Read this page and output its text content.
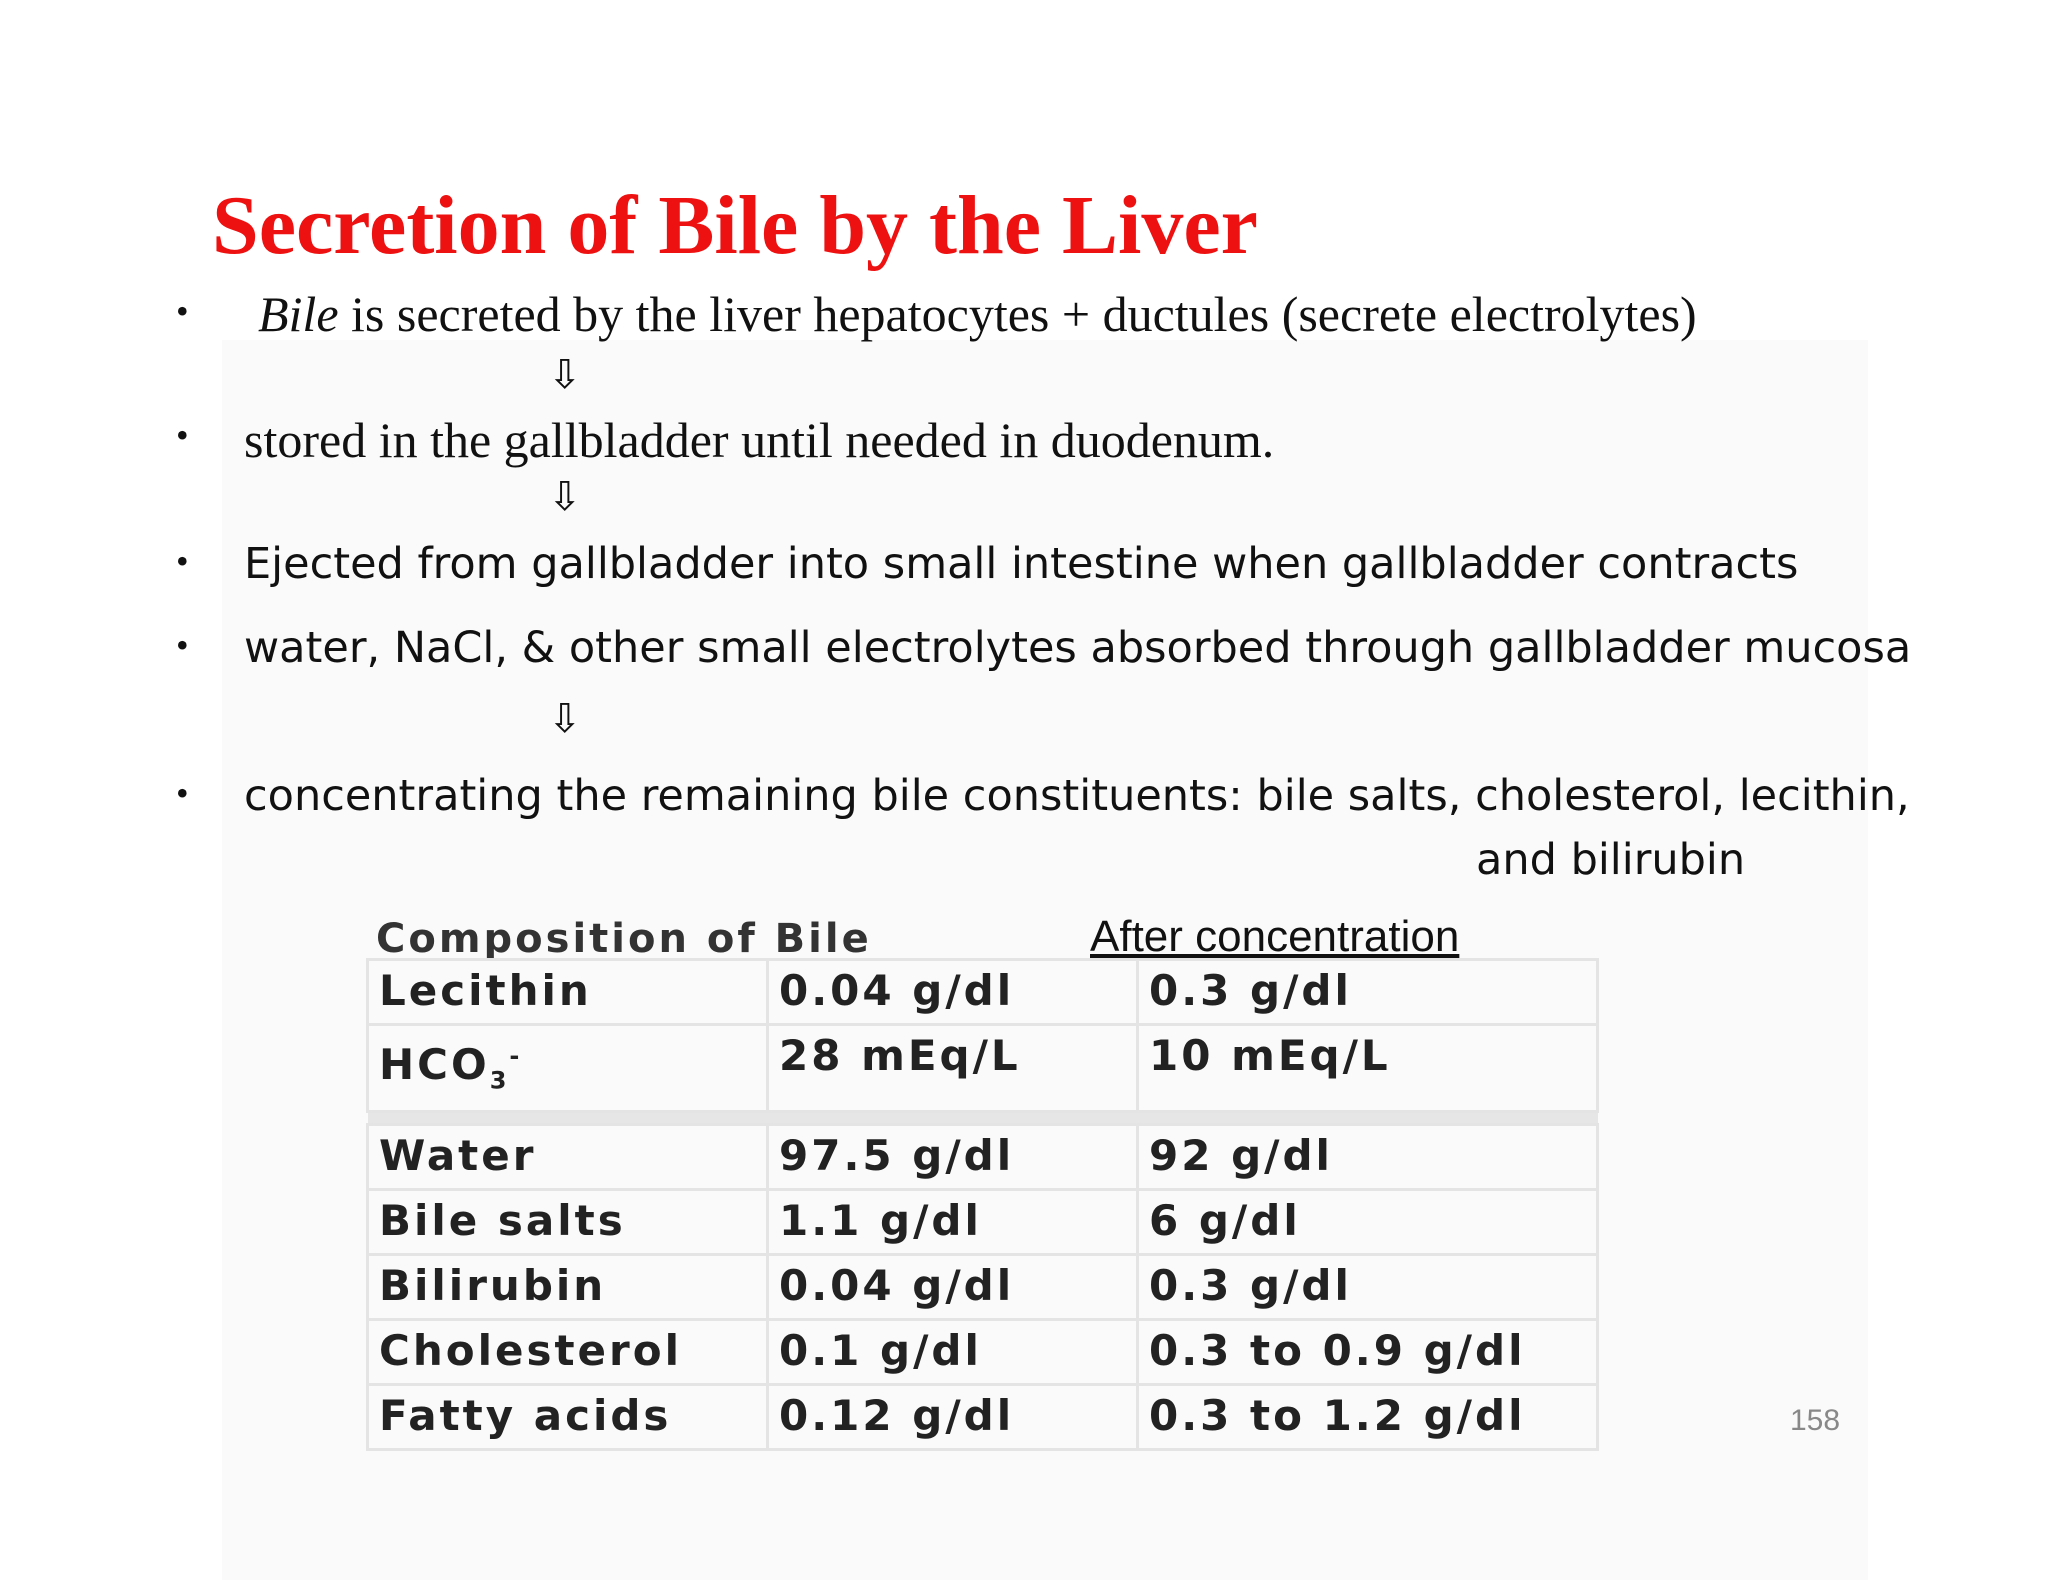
Secretion of Bile by the Liver
• Bile is secreted by the liver hepatocytes + ductules (secrete electrolytes)
⇩
• stored in the gallbladder until needed in duodenum.
⇩
• Ejected from gallbladder into small intestine when gallbladder contracts
• water, NaCl, & other small electrolytes absorbed through gallbladder mucosa
⇩
• concentrating the remaining bile constituents: bile salts, cholesterol, lecithin,
and bilirubin
Composition of Bile	After concentration
Lecithin	0.04 g/dl	0.3 g/dl
$HCO_3^-$	28 mEq/L	10 mEq/L

Water	97.5 g/dl	92 g/dl
Bile salts	1.1 g/dl	6 g/dl
Bilirubin	0.04 g/dl	0.3 g/dl
Cholesterol	0.1 g/dl	0.3 to 0.9 g/dl
Fatty acids	0.12 g/dl	0.3 to 1.2 g/dl	158
